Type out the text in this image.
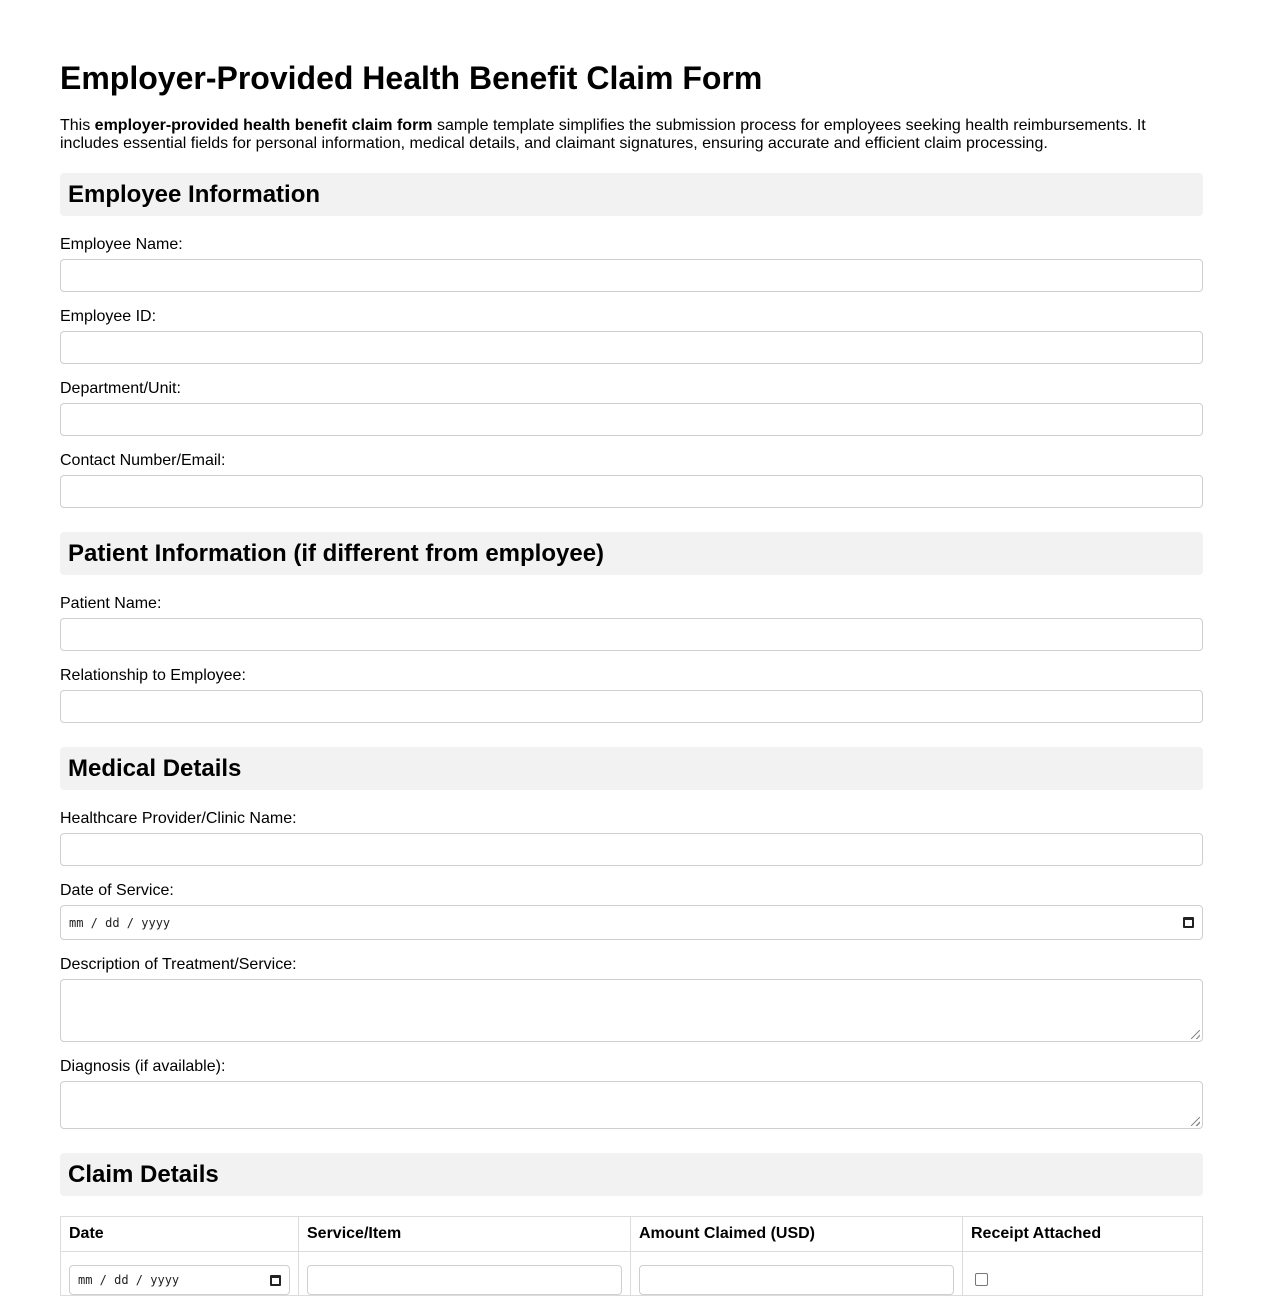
Employer-Provided Health Benefit Claim Form

This employer-provided health benefit claim form sample template simplifies the submission process for employees seeking health reimbursements. It includes essential fields for personal information, medical details, and claimant signatures, ensuring accurate and efficient claim processing.

Employee Information
Employee Name:
Employee ID:
Department/Unit:
Contact Number/Email:
Patient Information (if different from employee)
Patient Name:
Relationship to Employee:
Medical Details
Healthcare Provider/Clinic Name:
Date of Service:
mm / dd / yyyy
Description of Treatment/Service:
Diagnosis (if available):
Claim Details
Date	Service/Item	Amount Claimed (USD)	Receipt Attached

mm / dd / yyyy			
